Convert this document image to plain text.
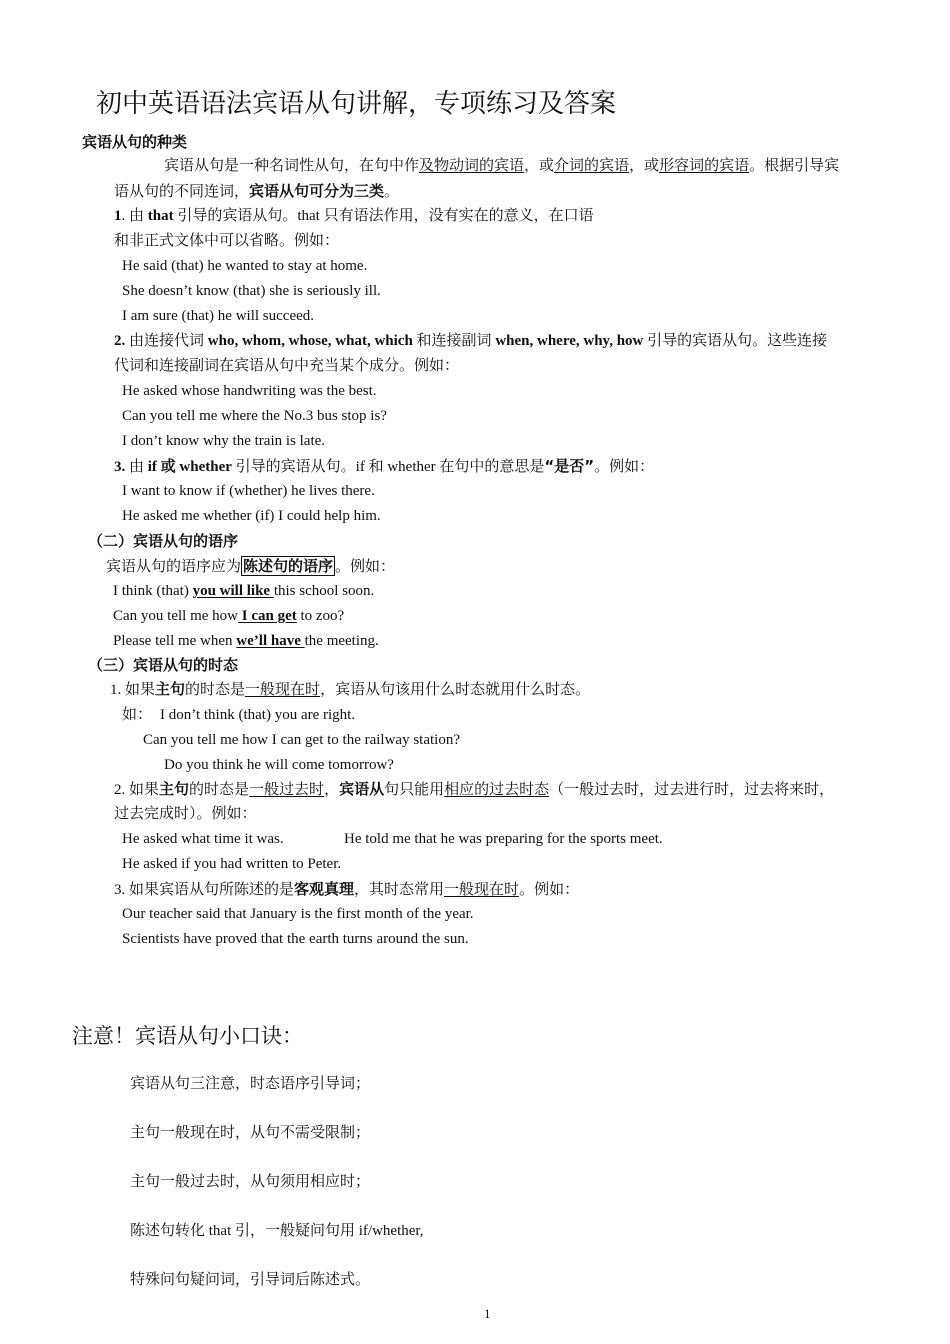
初中英语语法宾语从句讲解，专项练习及答案
宾语从句的种类
宾语从句是一种名词性从句，在句中作及物动词的宾语，或介词的宾语，或形容词的宾语。根据引导宾
语从句的不同连词，宾语从句可分为三类。
1. 由 that 引导的宾语从句。that 只有语法作用，没有实在的意义，在口语
和非正式文体中可以省略。例如：
He said (that) he wanted to stay at home.
She doesn’t know (that) she is seriously ill.
I am sure (that) he will succeed.
2. 由连接代词 who, whom, whose, what, which 和连接副词 when, where, why, how 引导的宾语从句。这些连接
代词和连接副词在宾语从句中充当某个成分。例如：
He asked whose handwriting was the best.
Can you tell me where the No.3 bus stop is?
I don’t know why the train is late.
3. 由 if 或 whether 引导的宾语从句。if 和 whether 在句中的意思是“是否”。例如：
I want to know if (whether) he lives there.
He asked me whether (if) I could help him.
（二）宾语从句的语序
宾语从句的语序应为 陈述句的语序 。例如：
I think (that) you will like this school soon.
Can you tell me how I can get to zoo?
Please tell me when we’ll have the meeting.
（三）宾语从句的时态
1. 如果主句的时态是一般现在时，宾语从句该用什么时态就用什么时态。
如： I don’t think (that) you are right.
Can you tell me how I can get to the railway station?
Do you think he will come tomorrow?
2. 如果主句的时态是一般过去时，宾语从句只能用相应的过去时态（一般过去时，过去进行时，过去将来时，
过去完成时）。例如：
He asked what time it was.	He told me that he was preparing for the sports meet.
He asked if you had written to Peter.
3. 如果宾语从句所陈述的是客观真理，其时态常用一般现在时。例如：
Our teacher said that January is the first month of the year.
Scientists have proved that the earth turns around the sun.
注意！宾语从句小口诀：
宾语从句三注意，时态语序引导词；
主句一般现在时，从句不需受限制；
主句一般过去时，从句须用相应时；
陈述句转化 that 引，一般疑问句用 if/whether,
特殊问句疑问词，引导词后陈述式。
1
